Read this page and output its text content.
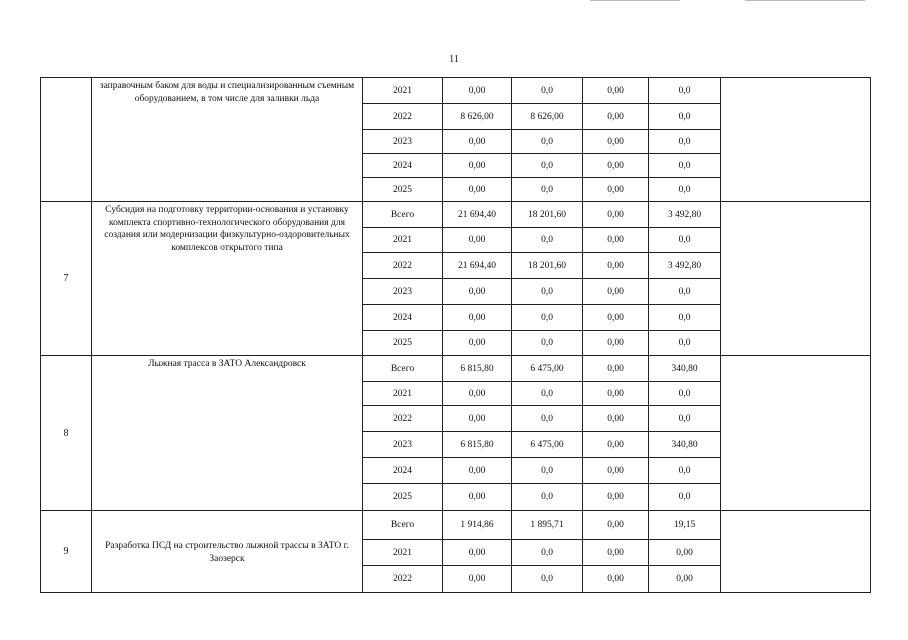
11
	заправочным баком для воды и специализированным съемным оборудованием, в том числе для заливки льда	2021	0,00	0,0	0,00	0,0	
		2022	8 626,00	8 626,00	0,00	0,0	
		2023	0,00	0,0	0,00	0,0	
		2024	0,00	0,0	0,00	0,0	
		2025	0,00	0,0	0,00	0,0	
7	Субсидия на подготовку территории-основания и установку комплекта спортивно-технологического оборудования для создания или модернизации физкультурно-оздоровительных комплексов открытого типа	Всего	21 694,40	18 201,60	0,00	3 492,80	
		2021	0,00	0,0	0,00	0,0	
		2022	21 694,40	18 201,60	0,00	3 492,80	
		2023	0,00	0,0	0,00	0,0	
		2024	0,00	0,0	0,00	0,0	
		2025	0,00	0,0	0,00	0,0	
8	Лыжная трасса в ЗАТО Александровск	Всего	6 815,80	6 475,00	0,00	340,80	
		2021	0,00	0,0	0,00	0,0	
		2022	0,00	0,0	0,00	0,0	
		2023	6 815,80	6 475,00	0,00	340,80	
		2024	0,00	0,0	0,00	0,0	
		2025	0,00	0,0	0,00	0,0	
9	Разработка ПСД на строительство лыжной трассы в ЗАТО г. Заозерск	Всего	1 914,86	1 895,71	0,00	19,15	
		2021	0,00	0,0	0,00	0,00	
		2022	0,00	0,0	0,00	0,00	
